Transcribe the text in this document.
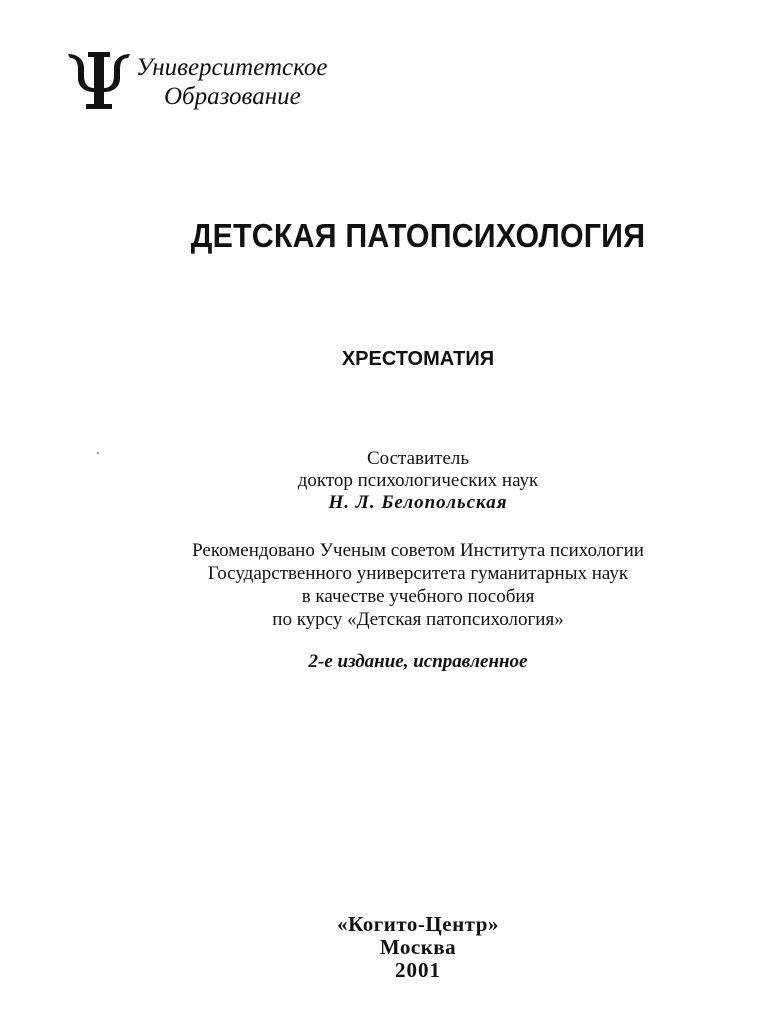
Университетское
Образование
ДЕТСКАЯ ПАТОПСИХОЛОГИЯ
ХРЕСТОМАТИЯ
Составитель
доктор психологических наук
Н. Л. Белопольская
Рекомендовано Ученым советом Института психологии
Государственного университета гуманитарных наук
в качестве учебного пособия
по курсу «Детская патопсихология»
2-е издание, исправленное
«Когито-Центр»
Москва
2001
